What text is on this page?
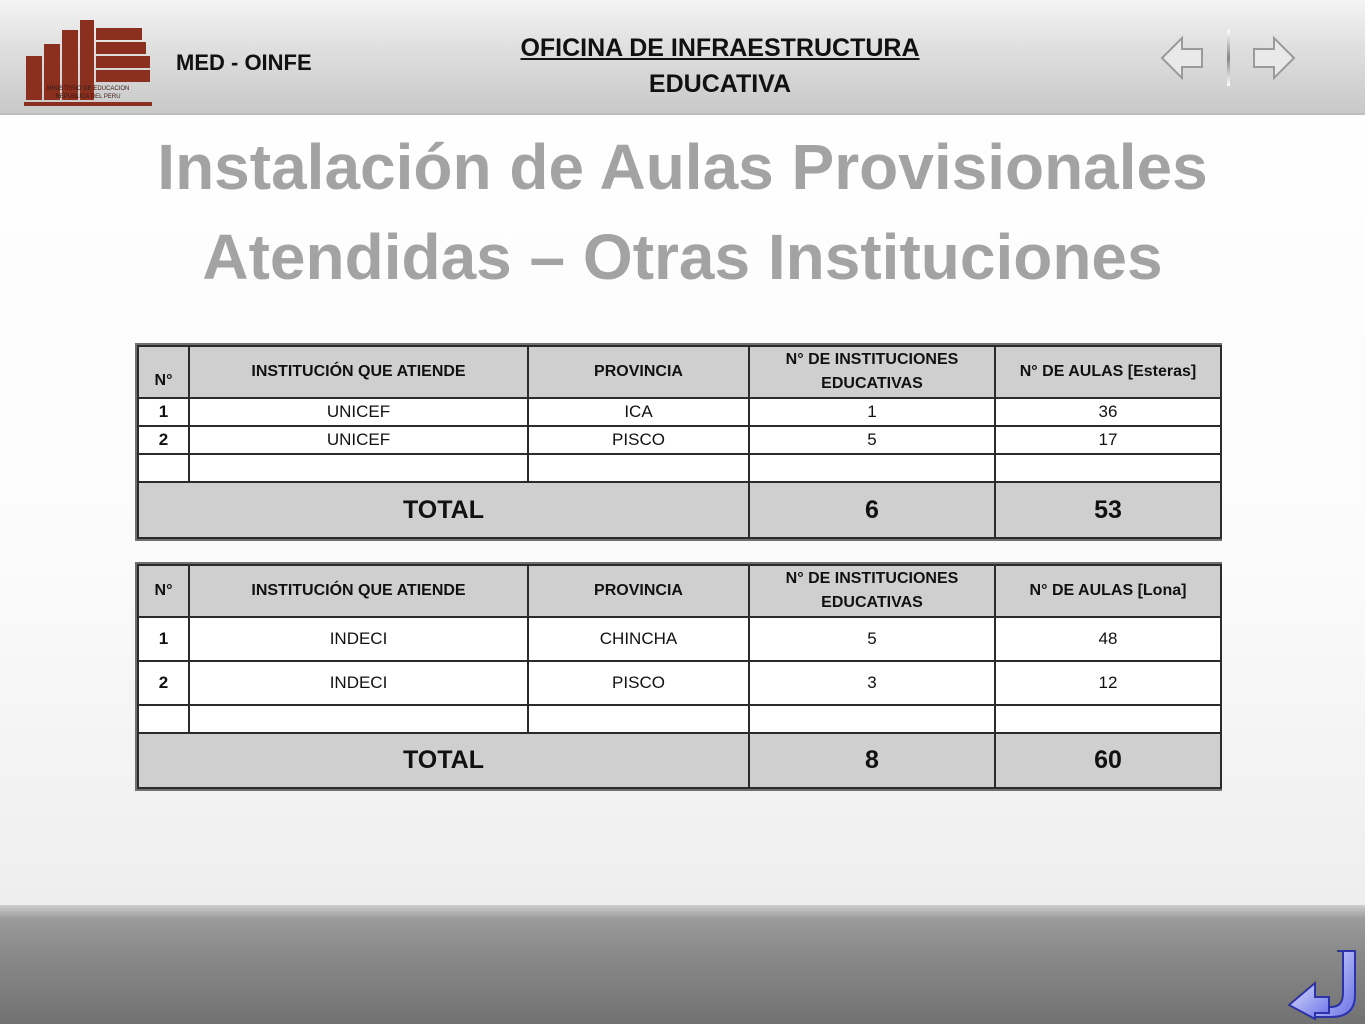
MINISTERIO DE EDUCACION
REPUBLICA DEL PERU
MED - OINFE
OFICINA DE INFRAESTRUCTURA
EDUCATIVA
Instalación de Aulas Provisionales
Atendidas – Otras Instituciones
N°	INSTITUCIÓN QUE ATIENDE	PROVINCIA	N° DE INSTITUCIONES EDUCATIVAS	N° DE AULAS [Esteras]
1	UNICEF	ICA	1	36
2	UNICEF	PISCO	5	17

TOTAL			6	53
N°	INSTITUCIÓN QUE ATIENDE	PROVINCIA	N° DE INSTITUCIONES EDUCATIVAS	N° DE AULAS [Lona]
1	INDECI	CHINCHA	5	48
2	INDECI	PISCO	3	12

TOTAL			8	60
